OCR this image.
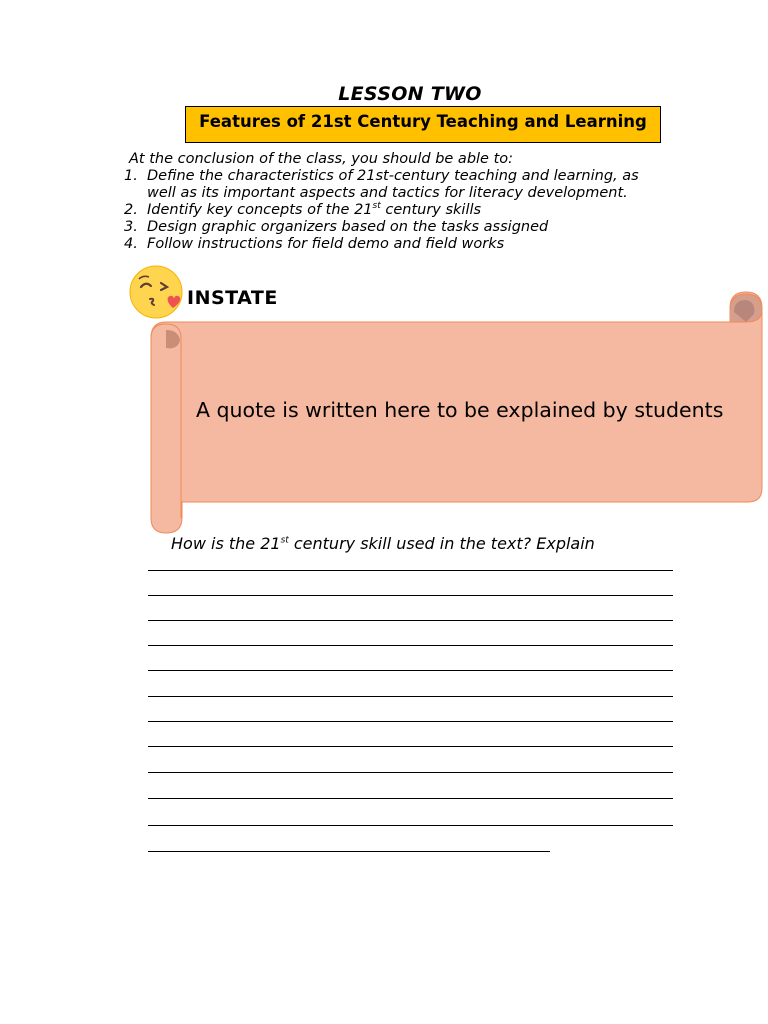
LESSON TWO
Features of 21st Century Teaching and Learning
At the conclusion of the class, you should be able to:
1. Define the characteristics of 21st-century teaching and learning, as
well as its important aspects and tactics for literacy development.
2. Identify key concepts of the 21st century skills
3. Design graphic organizers based on the tasks assigned
4. Follow instructions for field demo and field works
A quote is written here to be explained by students
INSTATE
How is the 21st century skill used in the text? Explain
